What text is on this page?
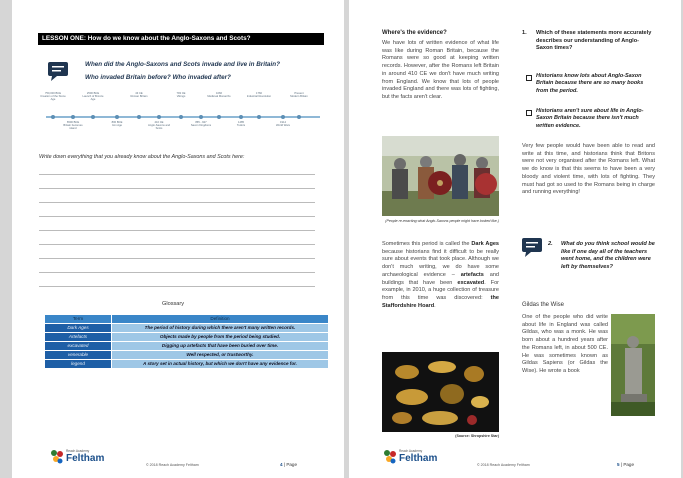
LESSON ONE: How do we know about the Anglo-Saxons and Scots?
When did the Anglo-Saxons and Scots invade and live in Britain?
Who invaded Britain before? Who invaded after?
750,000 BCE
Creation of the Stone Age
2500 BCE
Launch of Bronze Age
43 CE
Roman Britain
793 CE
Vikings
1066
Medieval Monarchs
1760
Industrial Revolution
Present
Modern Britain
6500 BCE
Britain becomes island
800 BCE
Iron Age
410 CE
Anglo-Saxons and Scots
865 - 927
Saxon Kingdoms
1485
Tudors
1914
World Wars
Write down everything that you already know about the Anglo-Saxons and Scots here:
Glossary
Term	Definition
Dark Ages	The period of history during which there aren't many written records.
Artefacts	Objects made by people from the period being studied.
excavated	Digging up artefacts that have been buried over time.
venerable	Well respected, or trustworthy.
legend	A story set in actual history, but which we don't have any evidence for.
Reach Academy
Feltham
© 2018 Reach Academy Feltham	4 | Page
Where's the evidence?
We have lots of written evidence of what life was like during Roman Britain, because the Romans were so good at keeping written records. However, after the Romans left Britain in around 410 CE we don't have much writing from England. We know that lots of people invaded England and there was lots of fighting, but the facts aren't clear.
(People re-enacting what Anglo-Saxons people might have looked like.)
Sometimes this period is called the Dark Ages because historians find it difficult to be really sure about events that took place. Although we don't much writing, we do have some archaeological evidence – artefacts and buildings that have been excavated. For example, in 2010, a huge collection of treasure from this time was discovered: the Staffordshire Hoard.
(Source: Shropshire Star)
1. Which of these statements more accurately describes our understanding of Anglo-Saxon times?
Historians know lots about Anglo-Saxon Britain because there are so many books from the period.
Historians aren't sure about life in Anglo-Saxon Britain because there isn't much written evidence.
Very few people would have been able to read and write at this time, and historians think that Britons were not very organised after the Romans left. What we do know is that this seems to have been a very bloody and violent time, with lots of fighting. They must had got so used to the Romans being in charge and running everything!
2. What do you think school would be like if one day all of the teachers went home, and the children were left by themselves?
Gildas the Wise
One of the people who did write about life in England was called Gildas, who was a monk. He was born about a hundred years after the Romans left, in about 500 CE. He was sometimes known as Gildas Sapiens (or Gildas the Wise). He wrote a book
Reach Academy
Feltham
© 2018 Reach Academy Feltham	5 | Page
